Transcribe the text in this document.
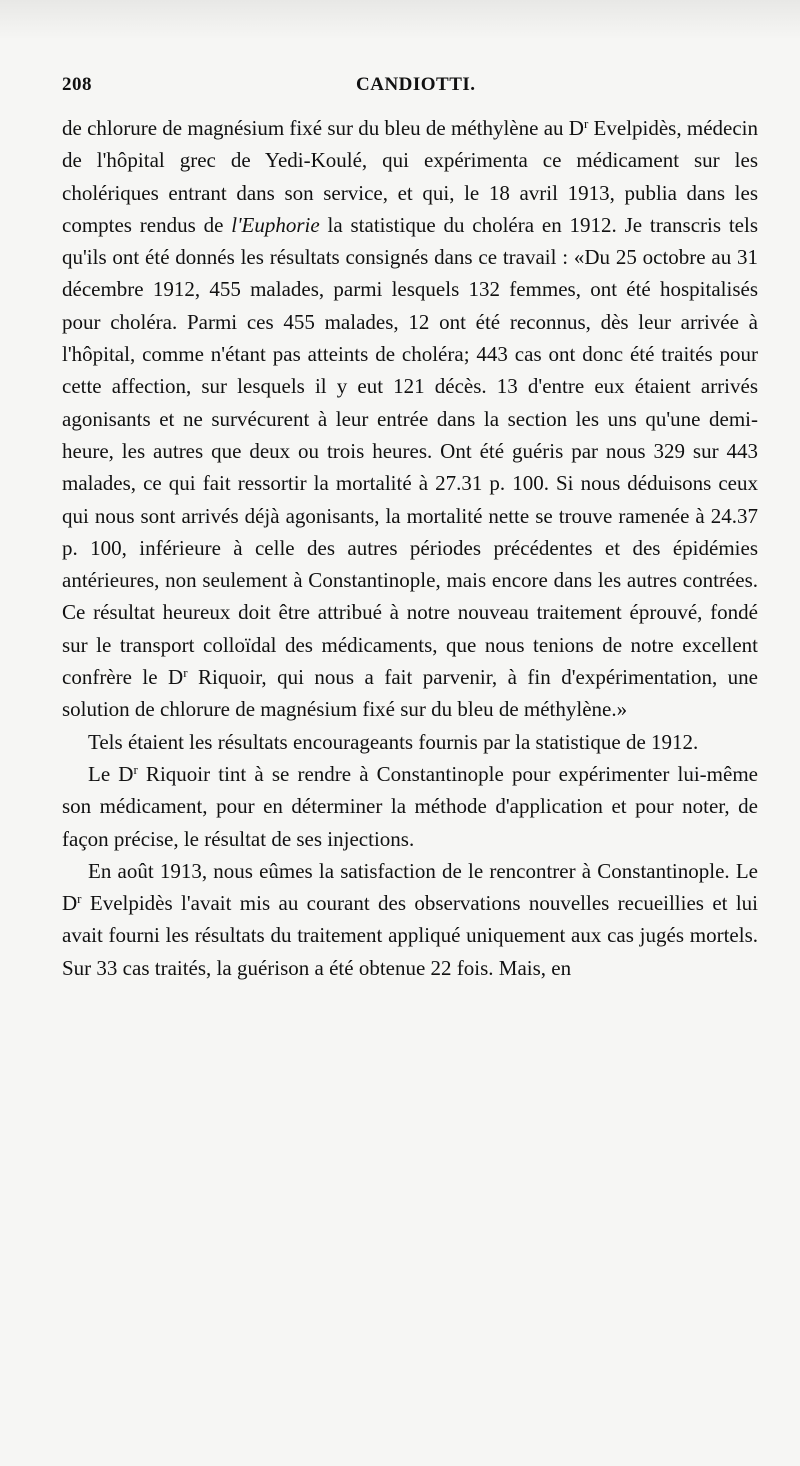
208	CANDIOTTI.

de chlorure de magnésium fixé sur du bleu de méthylène au $D^r$ Evelpidès, médecin de l'hôpital grec de Yedi-Koulé, qui expérimenta ce médicament sur les cholériques entrant dans son service, et qui, le 18 avril 1913, publia dans les comptes rendus de l'Euphorie la statistique du choléra en 1912. Je transcris tels qu'ils ont été donnés les résultats consignés dans ce travail : «Du 25 octobre au 31 décembre 1912, 455 malades, parmi lesquels 132 femmes, ont été hospitalisés pour choléra. Parmi ces 455 malades, 12 ont été reconnus, dès leur arrivée à l'hôpital, comme n'étant pas atteints de choléra; 443 cas ont donc été traités pour cette affection, sur lesquels il y eut 121 décès. 13 d'entre eux étaient arrivés agonisants et ne survécurent à leur entrée dans la section les uns qu'une demi-heure, les autres que deux ou trois heures. Ont été guéris par nous 329 sur 443 malades, ce qui fait ressortir la mortalité à 27.31 p. 100. Si nous déduisons ceux qui nous sont arrivés déjà agonisants, la mortalité nette se trouve ramenée à 24.37 p. 100, inférieure à celle des autres périodes précédentes et des épidémies antérieures, non seulement à Constantinople, mais encore dans les autres contrées. Ce résultat heureux doit être attribué à notre nouveau traitement éprouvé, fondé sur le transport colloïdal des médicaments, que nous tenions de notre excellent confrère le $D^r$ Riquoir, qui nous a fait parvenir, à fin d'expérimentation, une solution de chlorure de magnésium fixé sur du bleu de méthylène.»

Tels étaient les résultats encourageants fournis par la statistique de 1912.

Le $D^r$ Riquoir tint à se rendre à Constantinople pour expérimenter lui-même son médicament, pour en déterminer la méthode d'application et pour noter, de façon précise, le résultat de ses injections.

En août 1913, nous eûmes la satisfaction de le rencontrer à Constantinople. Le $D^r$ Evelpidès l'avait mis au courant des observations nouvelles recueillies et lui avait fourni les résultats du traitement appliqué uniquement aux cas jugés mortels. Sur 33 cas traités, la guérison a été obtenue 22 fois. Mais, en
